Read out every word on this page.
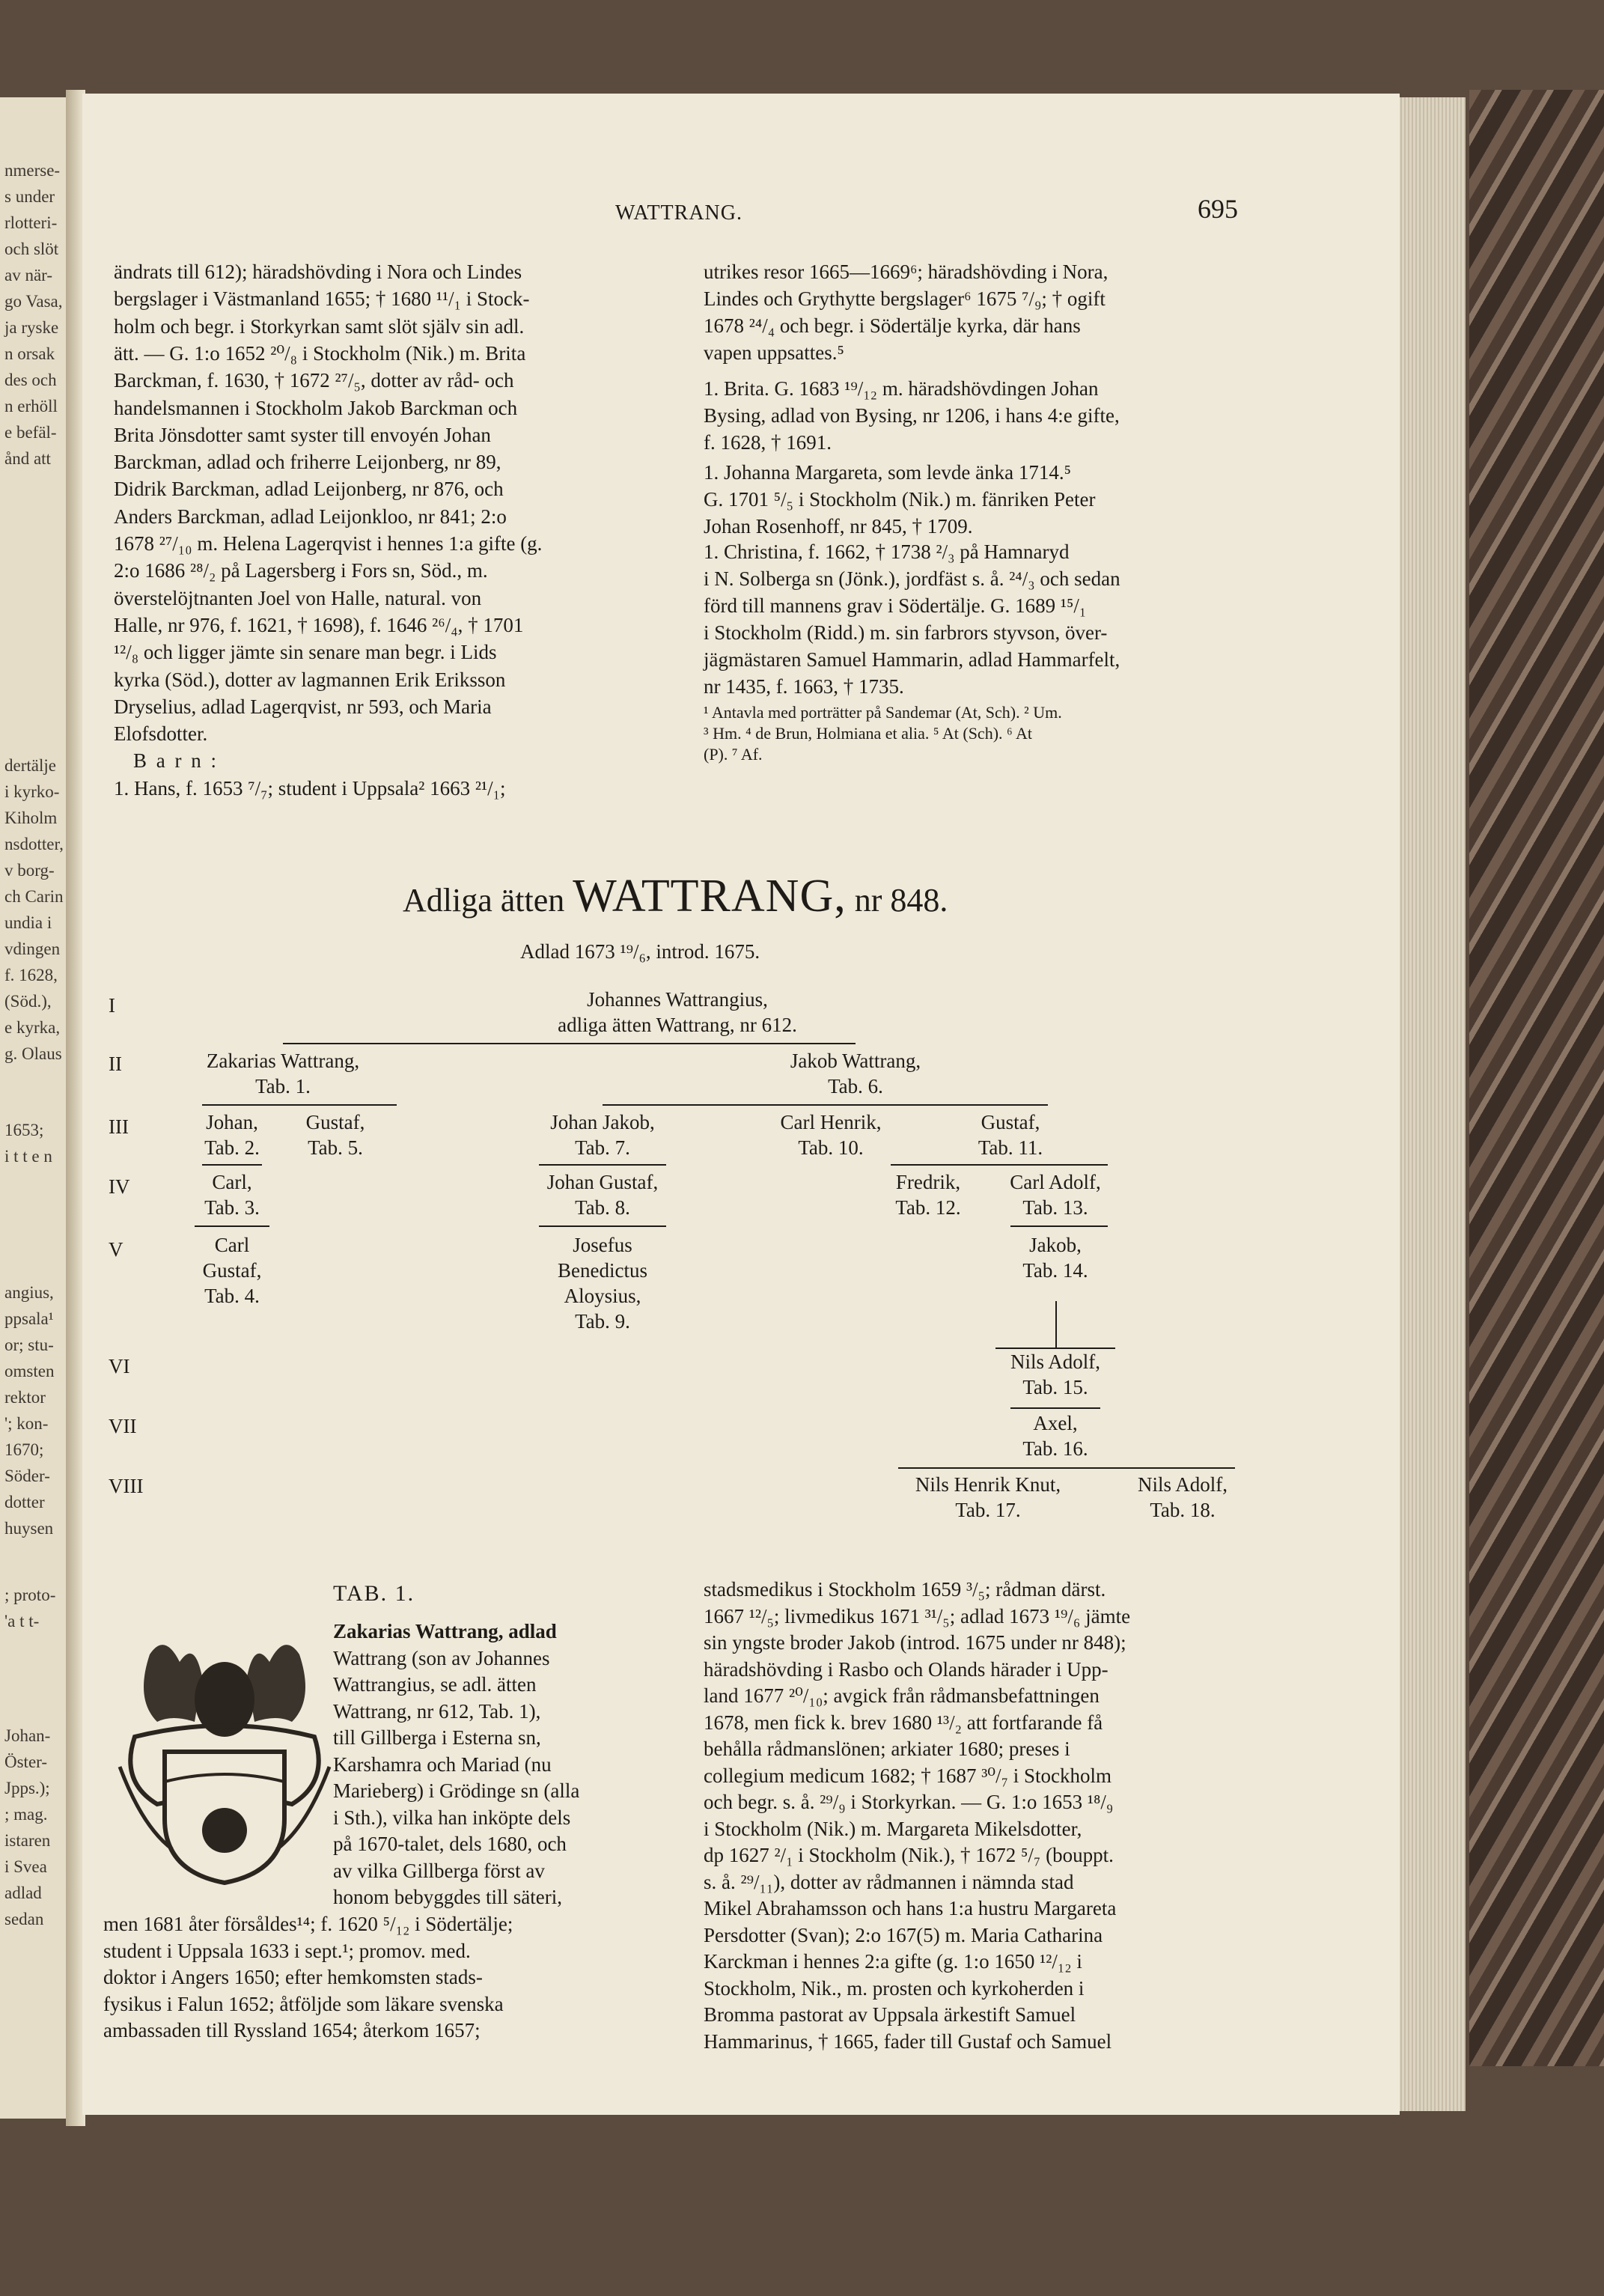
nmerse-
s under
rlotteri-
och slöt
av när-
go Vasa,
ja ryske
n orsak
des och
n erhöll
e befäl-
ånd att
dertälje
i kyrko-
Kiholm
nsdotter,
v borg-
ch Carin
undia i
vdingen
f. 1628,
(Söd.),
e kyrka,
g. Olaus
1653;
i t t e n
angius,
ppsala¹
or; stu-
omsten
rektor
'; kon-
1670;
Söder-
dotter
huysen
; proto-
'a t t-
Johan-
Öster-
Jpps.);
; mag.
istaren
i Svea
adlad
sedan
WATTRANG.	695
ändrats till 612); häradshövding i Nora och Lindes
bergslager i Västmanland 1655; † 1680 ¹¹/₁ i Stock-
holm och begr. i Storkyrkan samt slöt själv sin adl.
ätt. — G. 1:o 1652 ²⁰/₈ i Stockholm (Nik.) m. Brita
Barckman, f. 1630, † 1672 ²⁷/₅, dotter av råd- och
handelsmannen i Stockholm Jakob Barckman och
Brita Jönsdotter samt syster till envoyén Johan
Barckman, adlad och friherre Leijonberg, nr 89,
Didrik Barckman, adlad Leijonberg, nr 876, och
Anders Barckman, adlad Leijonkloo, nr 841; 2:o
1678 ²⁷/₁₀ m. Helena Lagerqvist i hennes 1:a gifte (g.
2:o 1686 ²⁸/₂ på Lagersberg i Fors sn, Söd., m.
överstelöjtnanten Joel von Halle, natural. von
Halle, nr 976, f. 1621, † 1698), f. 1646 ²⁶/₄, † 1701
¹²/₈ och ligger jämte sin senare man begr. i Lids
kyrka (Söd.), dotter av lagmannen Erik Eriksson
Dryselius, adlad Lagerqvist, nr 593, och Maria
Elofsdotter.
B a r n :
1. Hans, f. 1653 ⁷/₇; student i Uppsala² 1663 ²¹/₁;
utrikes resor 1665—1669⁶; häradshövding i Nora,
Lindes och Grythytte bergslager⁶ 1675 ⁷/₉; † ogift
1678 ²⁴/₄ och begr. i Södertälje kyrka, där hans
vapen uppsattes.⁵
1. Brita. G. 1683 ¹⁹/₁₂ m. häradshövdingen Johan
Bysing, adlad von Bysing, nr 1206, i hans 4:e gifte,
f. 1628, † 1691.
1. Johanna Margareta, som levde änka 1714.⁵
G. 1701 ⁵/₅ i Stockholm (Nik.) m. fänriken Peter
Johan Rosenhoff, nr 845, † 1709.
1. Christina, f. 1662, † 1738 ²/₃ på Hamnaryd
i N. Solberga sn (Jönk.), jordfäst s. å. ²⁴/₃ och sedan
förd till mannens grav i Södertälje. G. 1689 ¹⁵/₁
i Stockholm (Ridd.) m. sin farbrors styvson, över-
jägmästaren Samuel Hammarin, adlad Hammarfelt,
nr 1435, f. 1663, † 1735.
¹ Antavla med porträtter på Sandemar (At, Sch). ² Um.
³ Hm. ⁴ de Brun, Holmiana et alia. ⁵ At (Sch). ⁶ At
(P). ⁷ Af.
Adliga ätten WATTRANG, nr 848.
Adlad 1673 ¹⁹/₆, introd. 1675.
I
II
III
IV
V
VI
VII
VIII
Johannes Wattrangius,
adliga ätten Wattrang, nr 612.
Zakarias Wattrang,
Tab. 1.
Jakob Wattrang,
Tab. 6.
Johan,
Tab. 2.
Gustaf,
Tab. 5.
Johan Jakob,
Tab. 7.
Carl Henrik,
Tab. 10.
Gustaf,
Tab. 11.
Carl,
Tab. 3.
Johan Gustaf,
Tab. 8.
Fredrik,
Tab. 12.
Carl Adolf,
Tab. 13.
Carl
Gustaf,
Tab. 4.
Josefus
Benedictus
Aloysius,
Tab. 9.
Jakob,
Tab. 14.
Nils Adolf,
Tab. 15.
Axel,
Tab. 16.
Nils Henrik Knut,
Tab. 17.
Nils Adolf,
Tab. 18.
TAB. 1.
Zakarias Wattrang, adlad
Wattrang (son av Johannes
Wattrangius, se adl. ätten
Wattrang, nr 612, Tab. 1),
till Gillberga i Esterna sn,
Karshamra och Mariad (nu
Marieberg) i Grödinge sn (alla
i Sth.), vilka han inköpte dels
på 1670-talet, dels 1680, och
av vilka Gillberga först av
honom bebyggdes till säteri,
men 1681 åter försåldes¹⁴; f. 1620 ⁵/₁₂ i Södertälje;
student i Uppsala 1633 i sept.¹; promov. med.
doktor i Angers 1650; efter hemkomsten stads-
fysikus i Falun 1652; åtföljde som läkare svenska
ambassaden till Ryssland 1654; återkom 1657;
stadsmedikus i Stockholm 1659 ³/₅; rådman därst.
1667 ¹²/₅; livmedikus 1671 ³¹/₅; adlad 1673 ¹⁹/₆ jämte
sin yngste broder Jakob (introd. 1675 under nr 848);
häradshövding i Rasbo och Olands härader i Upp-
land 1677 ²⁰/₁₀; avgick från rådmansbefattningen
1678, men fick k. brev 1680 ¹³/₂ att fortfarande få
behålla rådmanslönen; arkiater 1680; preses i
collegium medicum 1682; † 1687 ³⁰/₇ i Stockholm
och begr. s. å. ²⁹/₉ i Storkyrkan. — G. 1:o 1653 ¹⁸/₉
i Stockholm (Nik.) m. Margareta Mikelsdotter,
dp 1627 ²/₁ i Stockholm (Nik.), † 1672 ⁵/₇ (bouppt.
s. å. ²⁹/₁₁), dotter av rådmannen i nämnda stad
Mikel Abrahamsson och hans 1:a hustru Margareta
Persdotter (Svan); 2:o 167(5) m. Maria Catharina
Karckman i hennes 2:a gifte (g. 1:o 1650 ¹²/₁₂ i
Stockholm, Nik., m. prosten och kyrkoherden i
Bromma pastorat av Uppsala ärkestift Samuel
Hammarinus, † 1665, fader till Gustaf och Samuel
